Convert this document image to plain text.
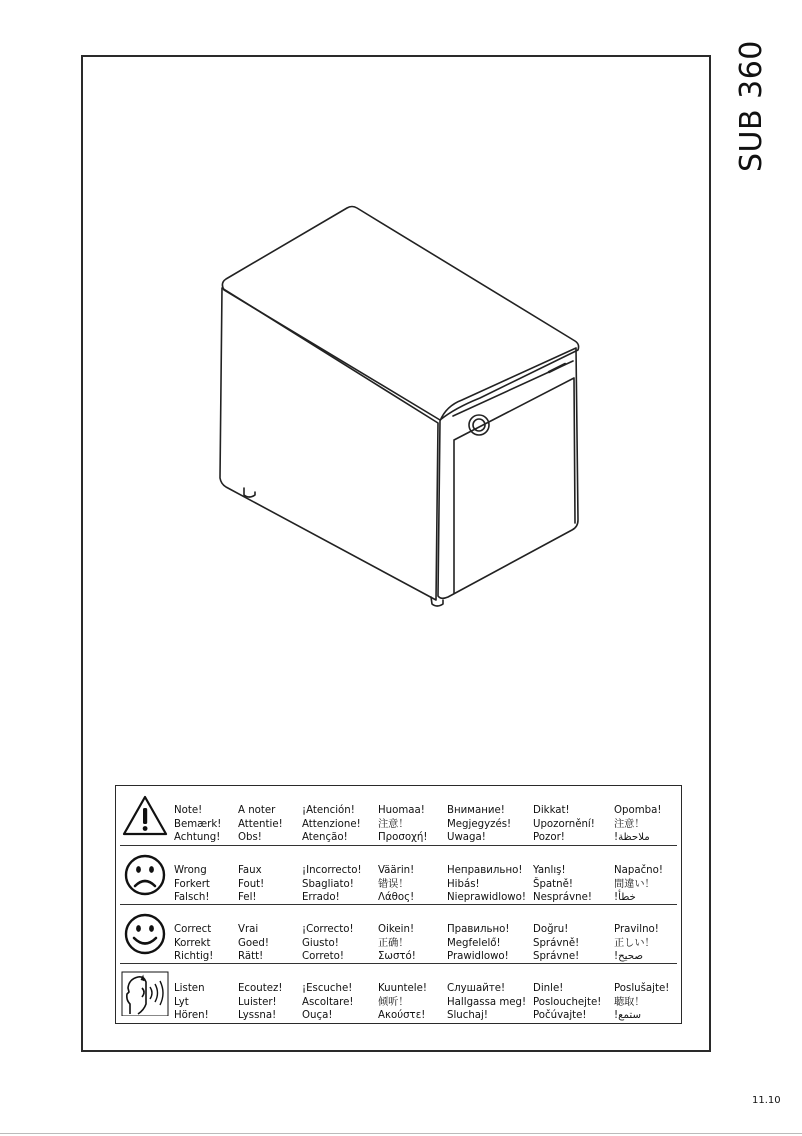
SUB 360
Note!
Bemærk!
Achtung!
A noter
Attentie!
Obs!
¡Atención!
Attenzione!
Atenção!
Huomaa!
注意！
Προσοχή!
Внимание!
Megjegyzés!
Uwaga!
Dikkat!
Upozornění!
Pozor!
Opomba!
注意！
!ملاحظة
Wrong
Forkert
Falsch!
Faux
Fout!
Fel!
¡Incorrecto!
Sbagliato!
Errado!
Väärin!
错误！
Λάθος!
Неправильно!
Hibás!
Nieprawidlowo!
Yanlış!
Špatně!
Nesprávne!
Napačno!
間違い！
!خطأ
Correct
Korrekt
Richtig!
Vrai
Goed!
Rätt!
¡Correcto!
Giusto!
Correto!
Oikein!
正确！
Σωστό!
Правильно!
Megfelelő!
Prawidlowo!
Doğru!
Správně!
Správne!
Pravilno!
正しい！
!صحيح
Listen
Lyt
Hören!
Ecoutez!
Luister!
Lyssna!
¡Escuche!
Ascoltare!
Ouça!
Kuuntele!
倾听！
Ακούστε!
Слушайте!
Hallgassa meg!
Sluchaj!
Dinle!
Poslouchejte!
Počúvajte!
Poslušajte!
聴取！
!ستمع
11.10
